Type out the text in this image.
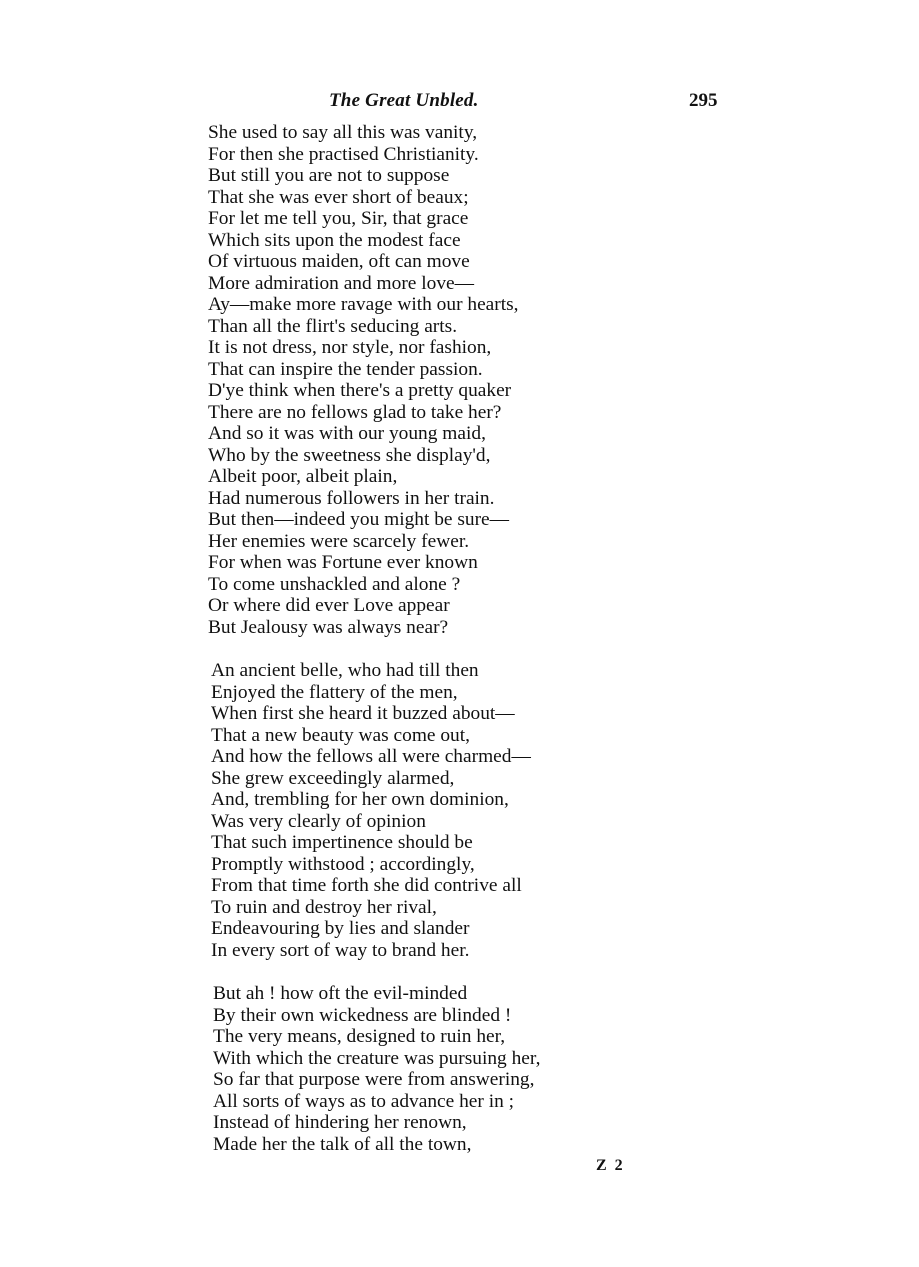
The Great Unbled.	295
She used to say all this was vanity,
For then she practised Christianity.
But still you are not to suppose
That she was ever short of beaux;
For let me tell you, Sir, that grace
Which sits upon the modest face
Of virtuous maiden, oft can move
More admiration and more love—
Ay—make more ravage with our hearts,
Than all the flirt's seducing arts.
It is not dress, nor style, nor fashion,
That can inspire the tender passion.
D'ye think when there's a pretty quaker
There are no fellows glad to take her?
And so it was with our young maid,
Who by the sweetness she display'd,
Albeit poor, albeit plain,
Had numerous followers in her train.
But then—indeed you might be sure—
Her enemies were scarcely fewer.
For when was Fortune ever known
To come unshackled and alone ?
Or where did ever Love appear
But Jealousy was always near?
An ancient belle, who had till then
Enjoyed the flattery of the men,
When first she heard it buzzed about—
That a new beauty was come out,
And how the fellows all were charmed—
She grew exceedingly alarmed,
And, trembling for her own dominion,
Was very clearly of opinion
That such impertinence should be
Promptly withstood ; accordingly,
From that time forth she did contrive all
To ruin and destroy her rival,
Endeavouring by lies and slander
In every sort of way to brand her.
But ah ! how oft the evil-minded
By their own wickedness are blinded !
The very means, designed to ruin her,
With which the creature was pursuing her,
So far that purpose were from answering,
All sorts of ways as to advance her in ;
Instead of hindering her renown,
Made her the talk of all the town,
Z 2
